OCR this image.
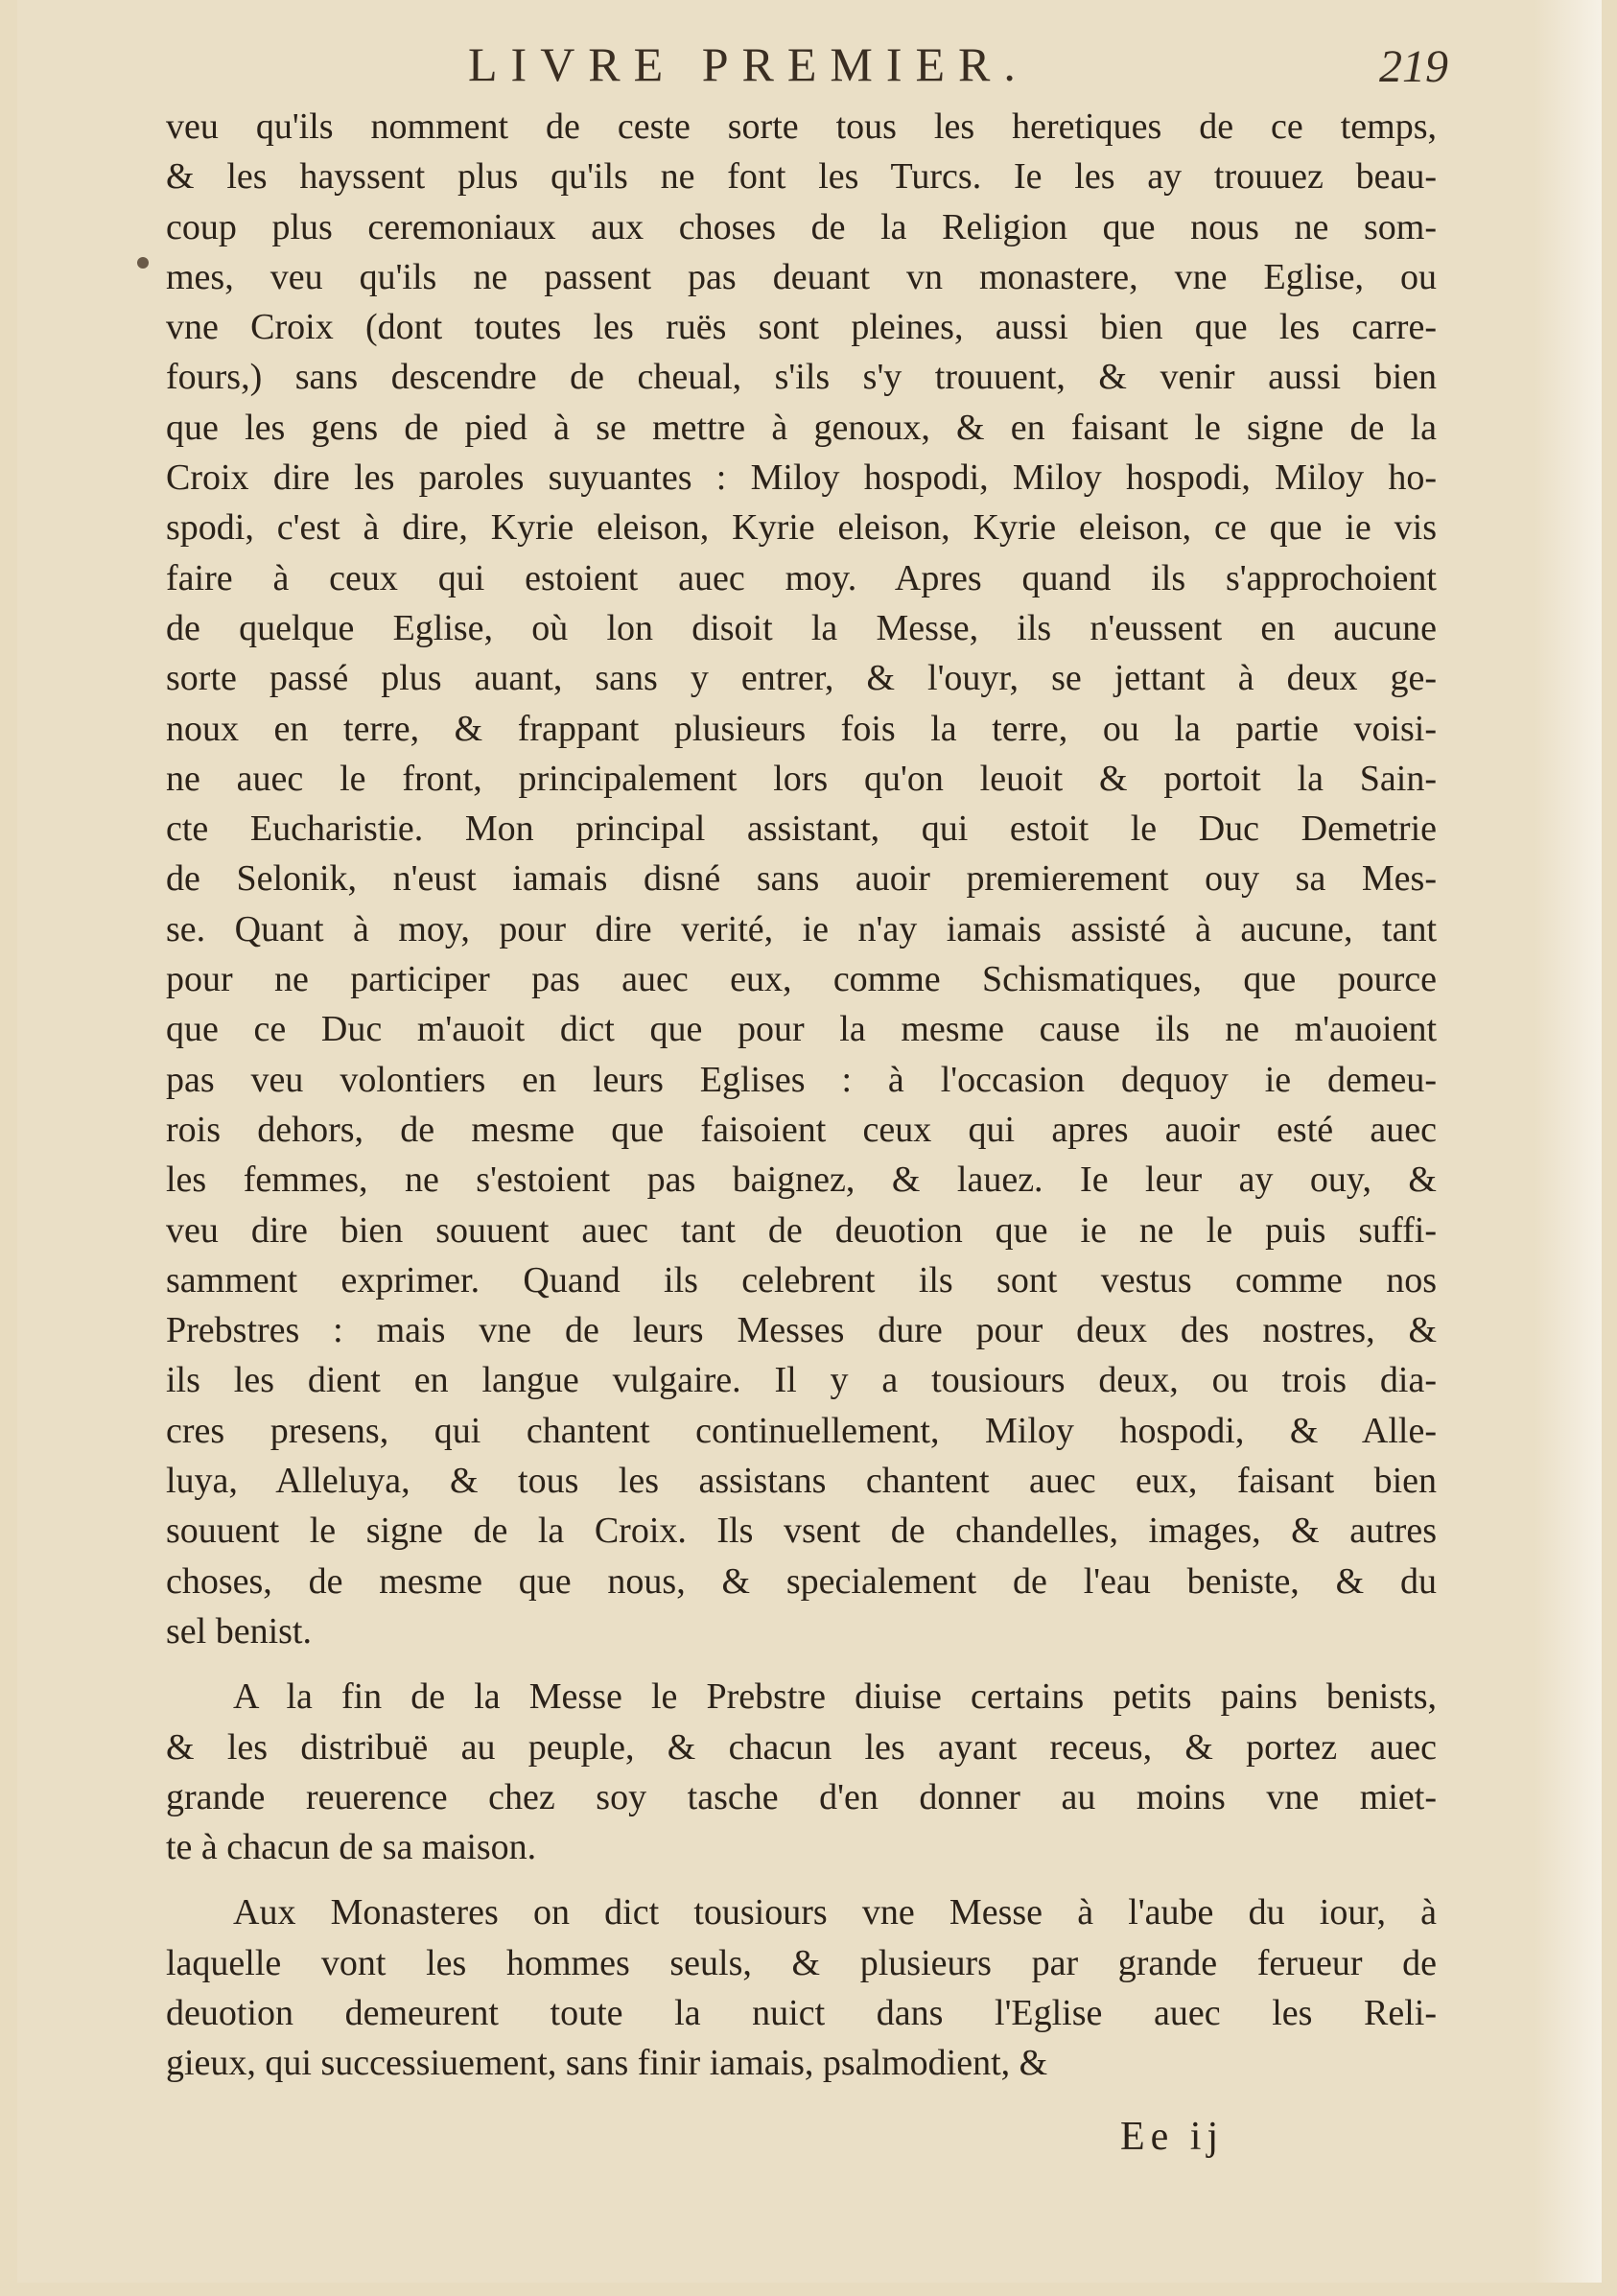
LIVRE PREMIER.	219
veu qu'ils nomment de ceste sorte tous les heretiques de ce temps,
& les hayssent plus qu'ils ne font les Turcs. Ie les ay trouuez beau-
coup plus ceremoniaux aux choses de la Religion que nous ne som-
mes, veu qu'ils ne passent pas deuant vn monastere, vne Eglise, ou
vne Croix (dont toutes les ruës sont pleines, aussi bien que les carre-
fours,) sans descendre de cheual, s'ils s'y trouuent, & venir aussi bien
que les gens de pied à se mettre à genoux, & en faisant le signe de la
Croix dire les paroles suyuantes : Miloy hospodi, Miloy hospodi, Miloy ho-
spodi, c'est à dire, Kyrie eleison, Kyrie eleison, Kyrie eleison, ce que ie vis
faire à ceux qui estoient auec moy. Apres quand ils s'approchoient
de quelque Eglise, où lon disoit la Messe, ils n'eussent en aucune
sorte passé plus auant, sans y entrer, & l'ouyr, se jettant à deux ge-
noux en terre, & frappant plusieurs fois la terre, ou la partie voisi-
ne auec le front, principalement lors qu'on leuoit & portoit la Sain-
cte Eucharistie. Mon principal assistant, qui estoit le Duc Demetrie
de Selonik, n'eust iamais disné sans auoir premierement ouy sa Mes-
se. Quant à moy, pour dire verité, ie n'ay iamais assisté à aucune, tant
pour ne participer pas auec eux, comme Schismatiques, que pource
que ce Duc m'auoit dict que pour la mesme cause ils ne m'auoient
pas veu volontiers en leurs Eglises : à l'occasion dequoy ie demeu-
rois dehors, de mesme que faisoient ceux qui apres auoir esté auec
les femmes, ne s'estoient pas baignez, & lauez. Ie leur ay ouy, &
veu dire bien souuent auec tant de deuotion que ie ne le puis suffi-
samment exprimer. Quand ils celebrent ils sont vestus comme nos
Prebstres : mais vne de leurs Messes dure pour deux des nostres, &
ils les dient en langue vulgaire. Il y a tousiours deux, ou trois dia-
cres presens, qui chantent continuellement, Miloy hospodi, & Alle-
luya, Alleluya, & tous les assistans chantent auec eux, faisant bien
souuent le signe de la Croix. Ils vsent de chandelles, images, & autres
choses, de mesme que nous, & specialement de l'eau beniste, & du
sel benist.
A la fin de la Messe le Prebstre diuise certains petits pains benists,
& les distribuë au peuple, & chacun les ayant receus, & portez auec
grande reuerence chez soy tasche d'en donner au moins vne miet-
te à chacun de sa maison.
Aux Monasteres on dict tousiours vne Messe à l'aube du iour, à
laquelle vont les hommes seuls, & plusieurs par grande ferueur de
deuotion demeurent toute la nuict dans l'Eglise auec les Reli-
gieux, qui successiuement, sans finir iamais, psalmodient, &
Ee ij
